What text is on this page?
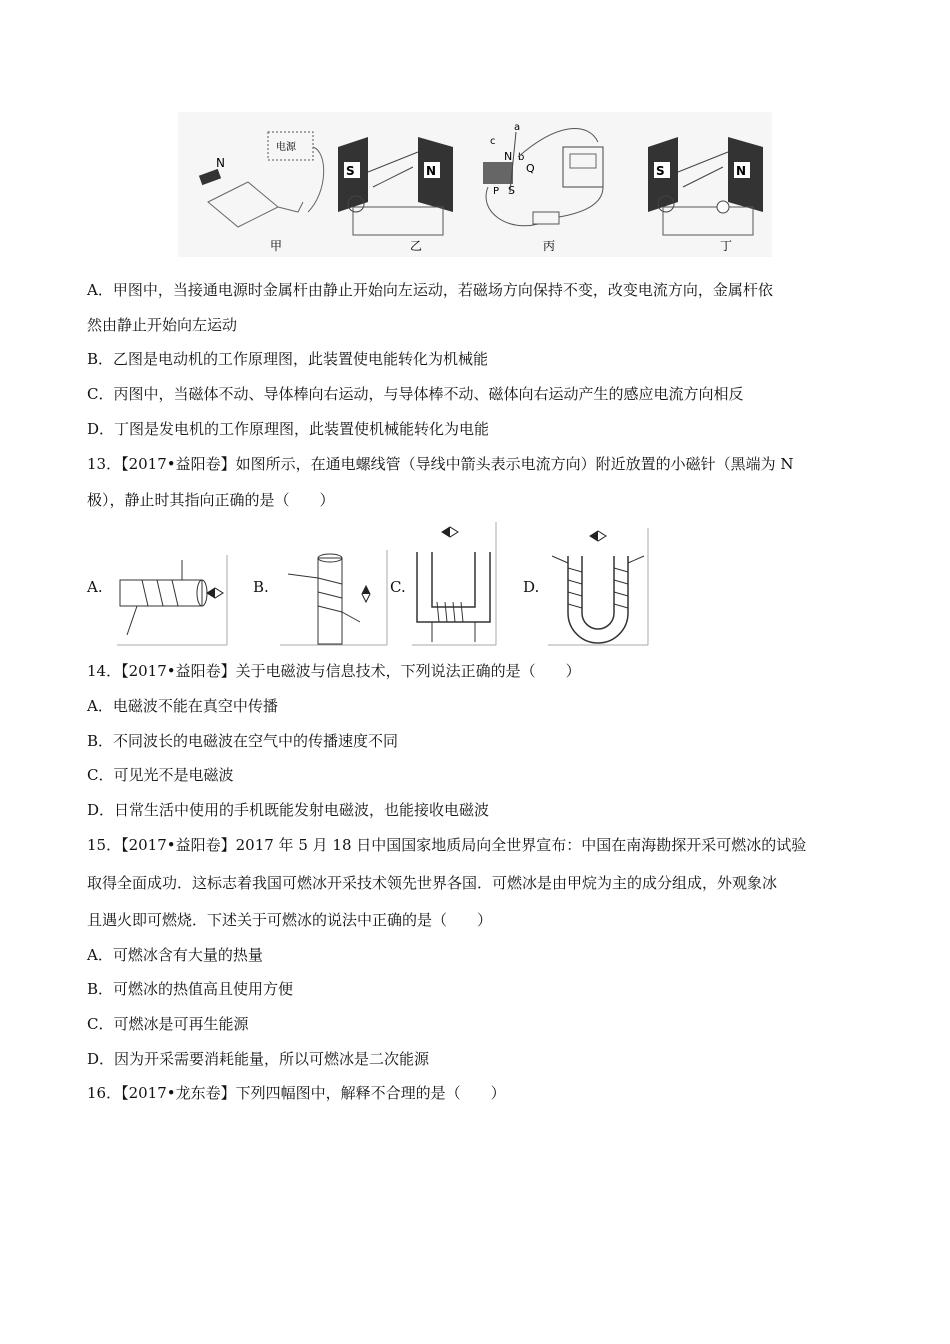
电源
N
甲
S	N
乙
c
a
N b
Q
P S
丙
S	N
丁
A．甲图中，当接通电源时金属杆由静止开始向左运动，若磁场方向保持不变，改变电流方向，金属杆依
然由静止开始向左运动
B．乙图是电动机的工作原理图，此装置使电能转化为机械能
C．丙图中，当磁体不动、导体棒向右运动，与导体棒不动、磁体向右运动产生的感应电流方向相反
D．丁图是发电机的工作原理图，此装置使机械能转化为电能
13．【2017•益阳卷】如图所示，在通电螺线管（导线中箭头表示电流方向）附近放置的小磁针（黑端为 N
极），静止时其指向正确的是（　　）
A.	B.	C.	D.
14．【2017•益阳卷】关于电磁波与信息技术，下列说法正确的是（　　）
A．电磁波不能在真空中传播
B．不同波长的电磁波在空气中的传播速度不同
C．可见光不是电磁波
D．日常生活中使用的手机既能发射电磁波，也能接收电磁波
15．【2017•益阳卷】2017 年 5 月 18 日中国国家地质局向全世界宣布：中国在南海勘探开采可燃冰的试验
取得全面成功．这标志着我国可燃冰开采技术领先世界各国．可燃冰是由甲烷为主的成分组成，外观象冰
且遇火即可燃烧．下述关于可燃冰的说法中正确的是（　　）
A．可燃冰含有大量的热量
B．可燃冰的热值高且使用方便
C．可燃冰是可再生能源
D．因为开采需要消耗能量，所以可燃冰是二次能源
16．【2017•龙东卷】下列四幅图中，解释不合理的是（　　）
